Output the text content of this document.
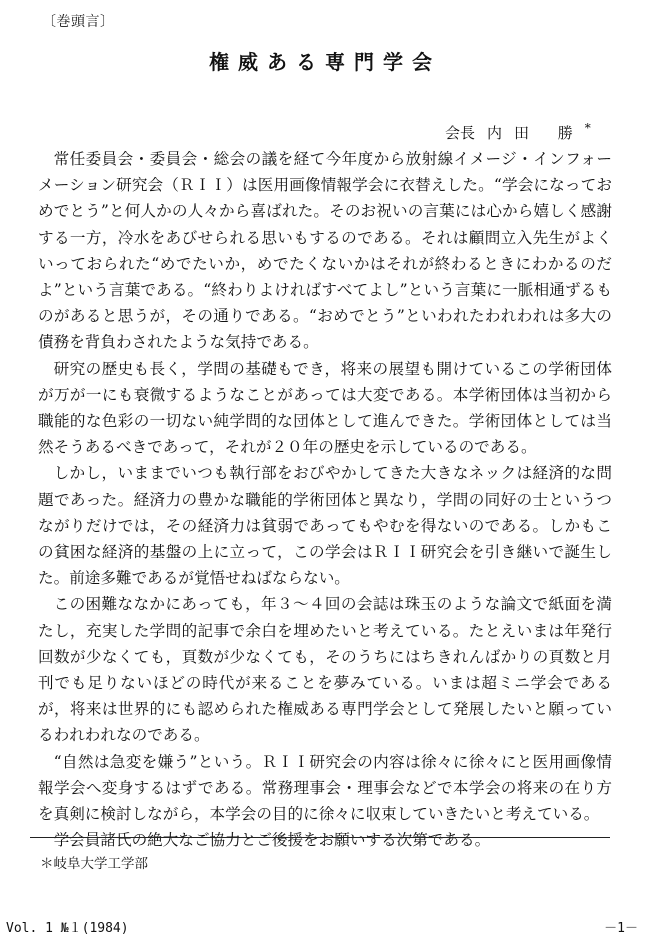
〔巻頭言〕
権威ある専門学会
会長 内田 勝*

常任委員会・委員会・総会の議を経て今年度から放射線イメージ・インフォーメーション研究会（ＲＩＩ）は医用画像情報学会に衣替えした。“学会になっておめでとう”と何人かの人々から喜ばれた。そのお祝いの言葉には心から嬉しく感謝する一方，冷水をあびせられる思いもするのである。それは顧問立入先生がよくいっておられた“めでたいか，めでたくないかはそれが終わるときにわかるのだよ”という言葉である。“終わりよければすべてよし”という言葉に一脈相通ずるものがあると思うが，その通りである。“おめでとう”といわれたわれわれは多大の債務を背負わされたような気持である。

研究の歴史も長く，学問の基礎もでき，将来の展望も開けているこの学術団体が万が一にも衰微するようなことがあっては大変である。本学術団体は当初から職能的な色彩の一切ない純学問的な団体として進んできた。学術団体としては当然そうあるべきであって，それが２０年の歴史を示しているのである。

しかし，いままでいつも執行部をおびやかしてきた大きなネックは経済的な問題であった。経済力の豊かな職能的学術団体と異なり，学問の同好の士というつながりだけでは，その経済力は貧弱であってもやむを得ないのである。しかもこの貧困な経済的基盤の上に立って，この学会はＲＩＩ研究会を引き継いで誕生した。前途多難であるが覚悟せねばならない。

この困難ななかにあっても，年３～４回の会誌は珠玉のような論文で紙面を満たし，充実した学問的記事で余白を埋めたいと考えている。たとえいまは年発行回数が少なくても，頁数が少なくても，そのうちにはちきれんばかりの頁数と月刊でも足りないほどの時代が来ることを夢みている。いまは超ミニ学会であるが，将来は世界的にも認められた権威ある専門学会として発展したいと願っているわれわれなのである。

“自然は急変を嫌う”という。ＲＩＩ研究会の内容は徐々に徐々にと医用画像情報学会へ変身するはずである。常務理事会・理事会などで本学会の将来の在り方を真剣に検討しながら，本学会の目的に徐々に収束していきたいと考えている。

学会員諸氏の絶大なご協力とご後援をお願いする次第である。

＊岐阜大学工学部
Vol. 1 №１(1984)	－1－
